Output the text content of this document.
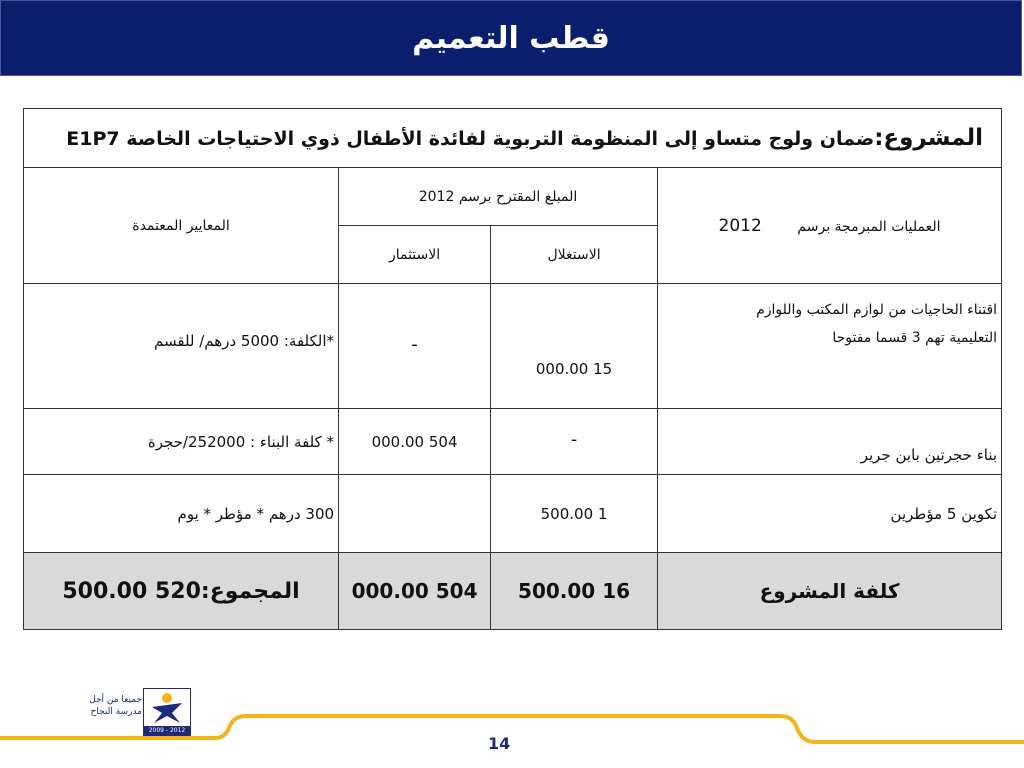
قطب التعميم
المشروع:ضمان ولوج متساو إلى المنظومة التربوية لفائدة الأطفال ذوي الاحتياجات الخاصة E1P7			
العمليات المبرمجة برسم        2012	المبلغ المقترح برسم 2012		المعايير المعتمدة
	الاستغلال	الاستثمار	

اقتناء الحاجيات من لوازم المكتب واللوازم
التعليمية تهم 3 قسما مفتوحا	15 000.00	-	*الكلفة: 5000 درهم/ للقسم
بناء حجرتين بابن جرير	-	504 000.00	* كلفة البناء : 252000/حجرة
تكوين 5 مؤطرين	1 500.00		300 درهم * مؤطر * يوم
كلفة المشروع	16 500.00	504 000.00	المجموع:520 500.00
جميعا من أجل
مدرسة النجاح
2009 - 2012
14
